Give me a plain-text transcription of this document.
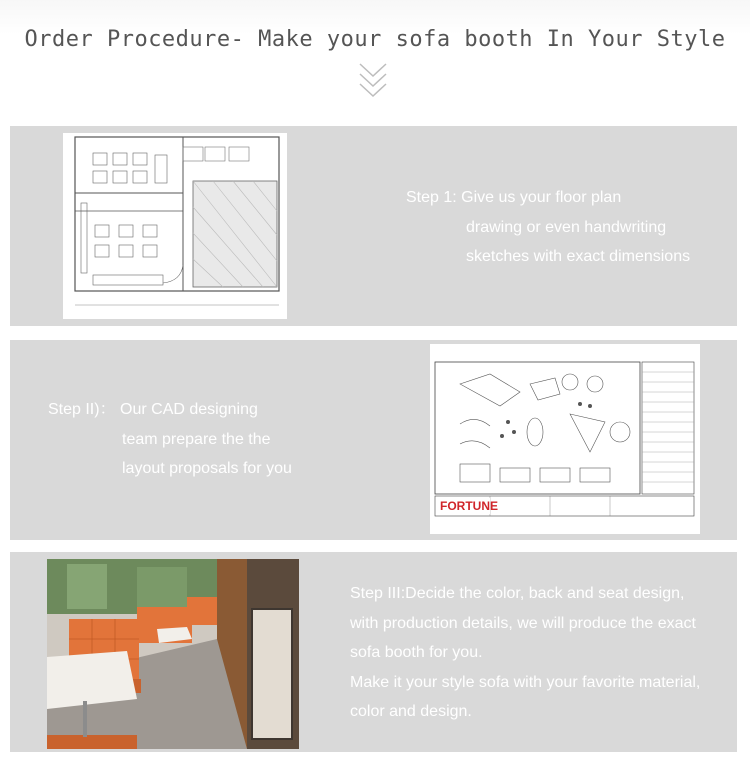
Order Procedure- Make your sofa booth In Your Style
Step 1: Give us your floor plan
drawing or even handwriting
sketches with exact dimensions
Step II)： Our CAD designing
team prepare the the
layout proposals for you
FORTUNE
Step III:Decide the color, back and seat design,
with production details, we will produce the exact
sofa booth for you.
Make it your style sofa with your favorite material,
color and design.
